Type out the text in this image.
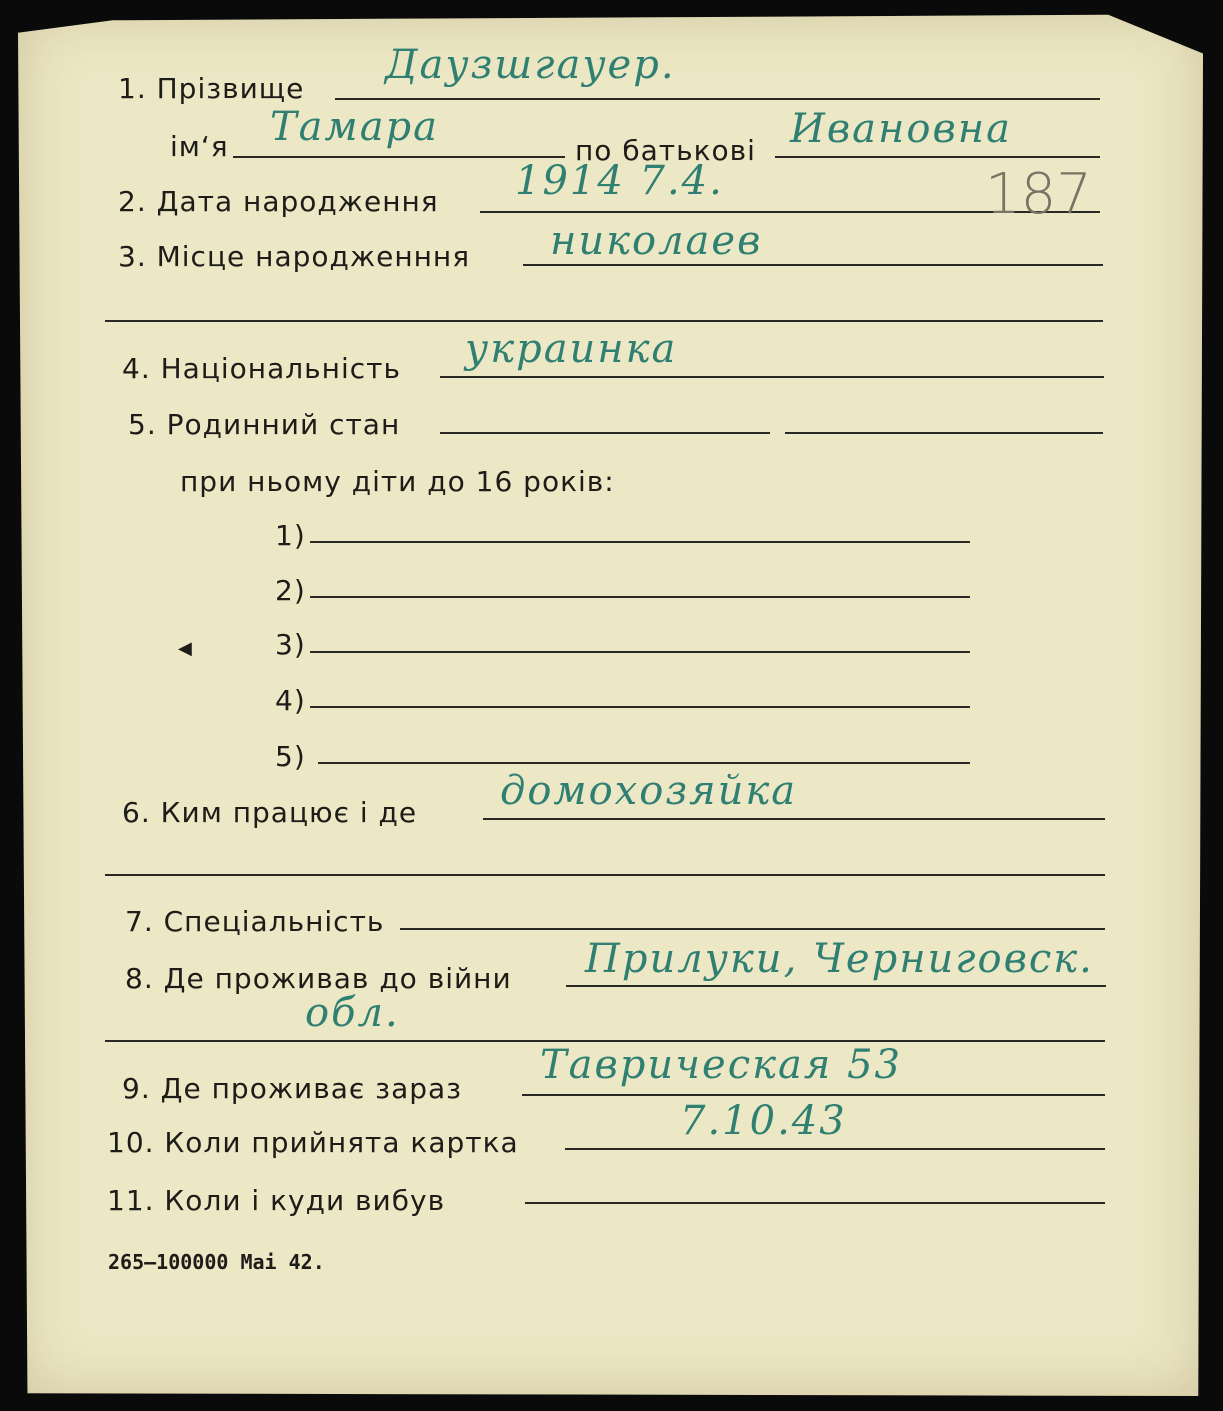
1. Прізвище
Даузшгауер.
ім‘я Тамара
по батькові Ивановна
2. Дата народження 1914 7.4.	187
3. Місце народженння николаев
4. Національність украинка
5. Родинний стан
при ньому діти до 16 років:
1)
2)
◀	3)
4)
5)
6. Ким працює і де домохозяйка
7. Спеціальність
8. Де проживав до війни Прилуки, Черниговск.
обл.
9. Де проживає зараз
Таврическая 53
10. Коли прийнята картка	7.10.43
11. Коли і куди вибув
265–100000 Mai 42.
